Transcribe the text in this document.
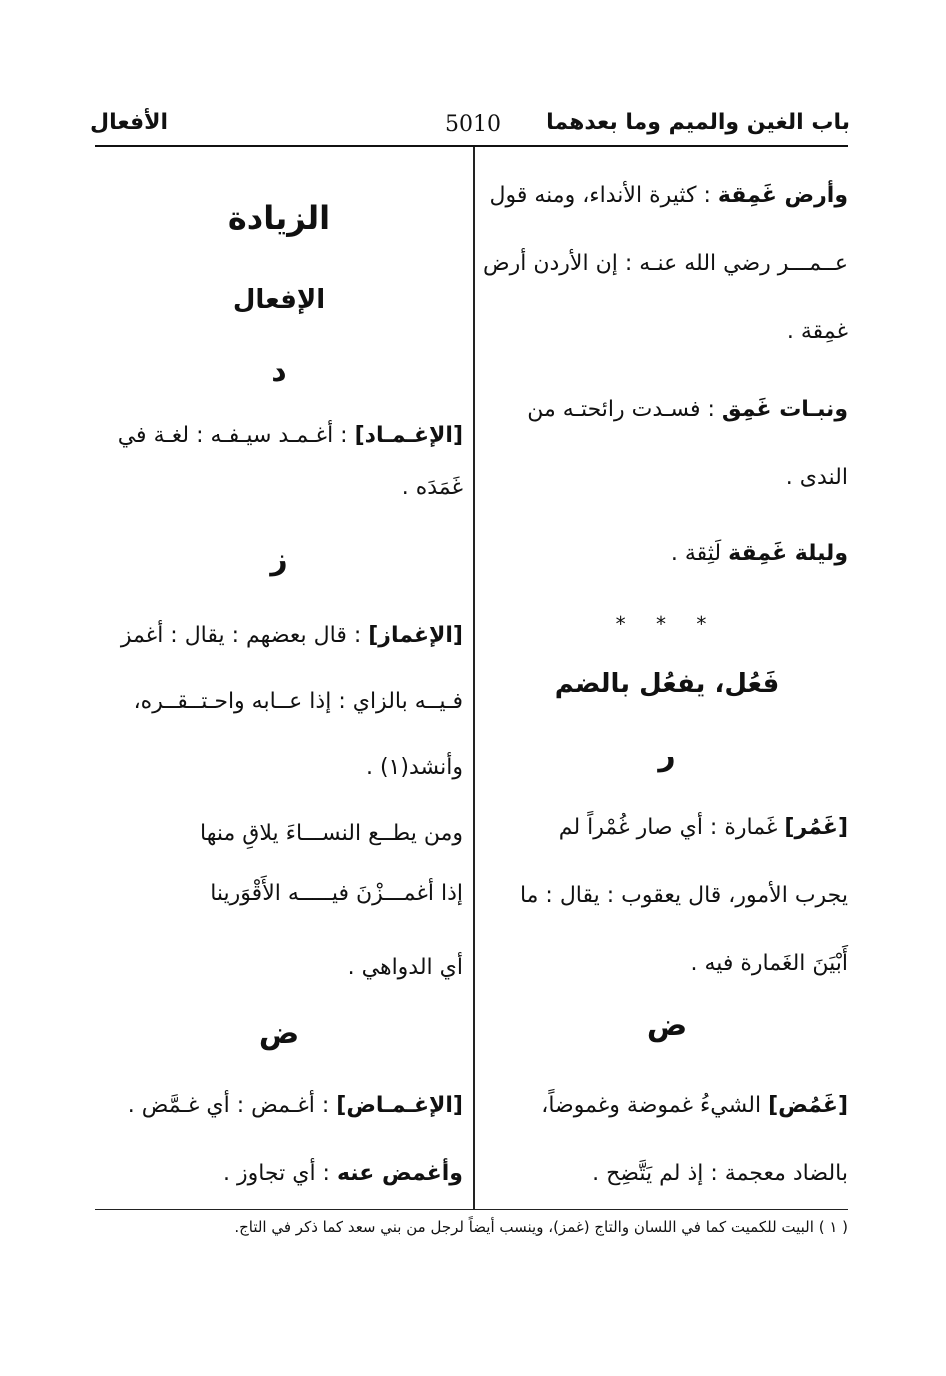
باب الغين والميم وما بعدهما
5010
الأفعال
وأرض غَمِقة : كثيرة الأنداء، ومنه قول
عــمـــر رضي الله عنـه : إن الأردن أرض
غمِقة .
ونبـات غَمِق : فسـدت رائحتـه من
الندى .
وليلة غَمِقة لَثِقة .
* * *
فَعُل، يفعُل بالضم
ر
[غَمُر] غَمارة : أي صار غُمْراً لم
يجرب الأمور، قال يعقوب : يقال : ما
أَبْيَنَ الغَمارة فيه .
ض
[غَمُض] الشيءُ غموضة وغموضاً،
بالضاد معجمة : إذ لم يَتَّضِح .
الزيادة
الإفعال
د
[الإغـمـاد] : أغـمـد سيـفـه : لغـة في
غَمَدَه .
ز
[الإغماز] : قال بعضهم : يقال : أغمز
فـيــه بالزاي : إذا عــابه واحـتــقــره،
وأنشد(١) .
ومن يطــع النســـاءَ يلاقِ منها
إذا أغمـــزْنَ فيـــــه الأَقْوَرينا
أي الدواهي .
ض
[الإغـمـاض] : أغـمض : أي غـمَّض .
وأغمض عنه : أي تجاوز .
( ١ ) البيت للكميت كما في اللسان والتاج (غمز)، وينسب أيضاً لرجل من بني سعد كما ذكر في التاج.
